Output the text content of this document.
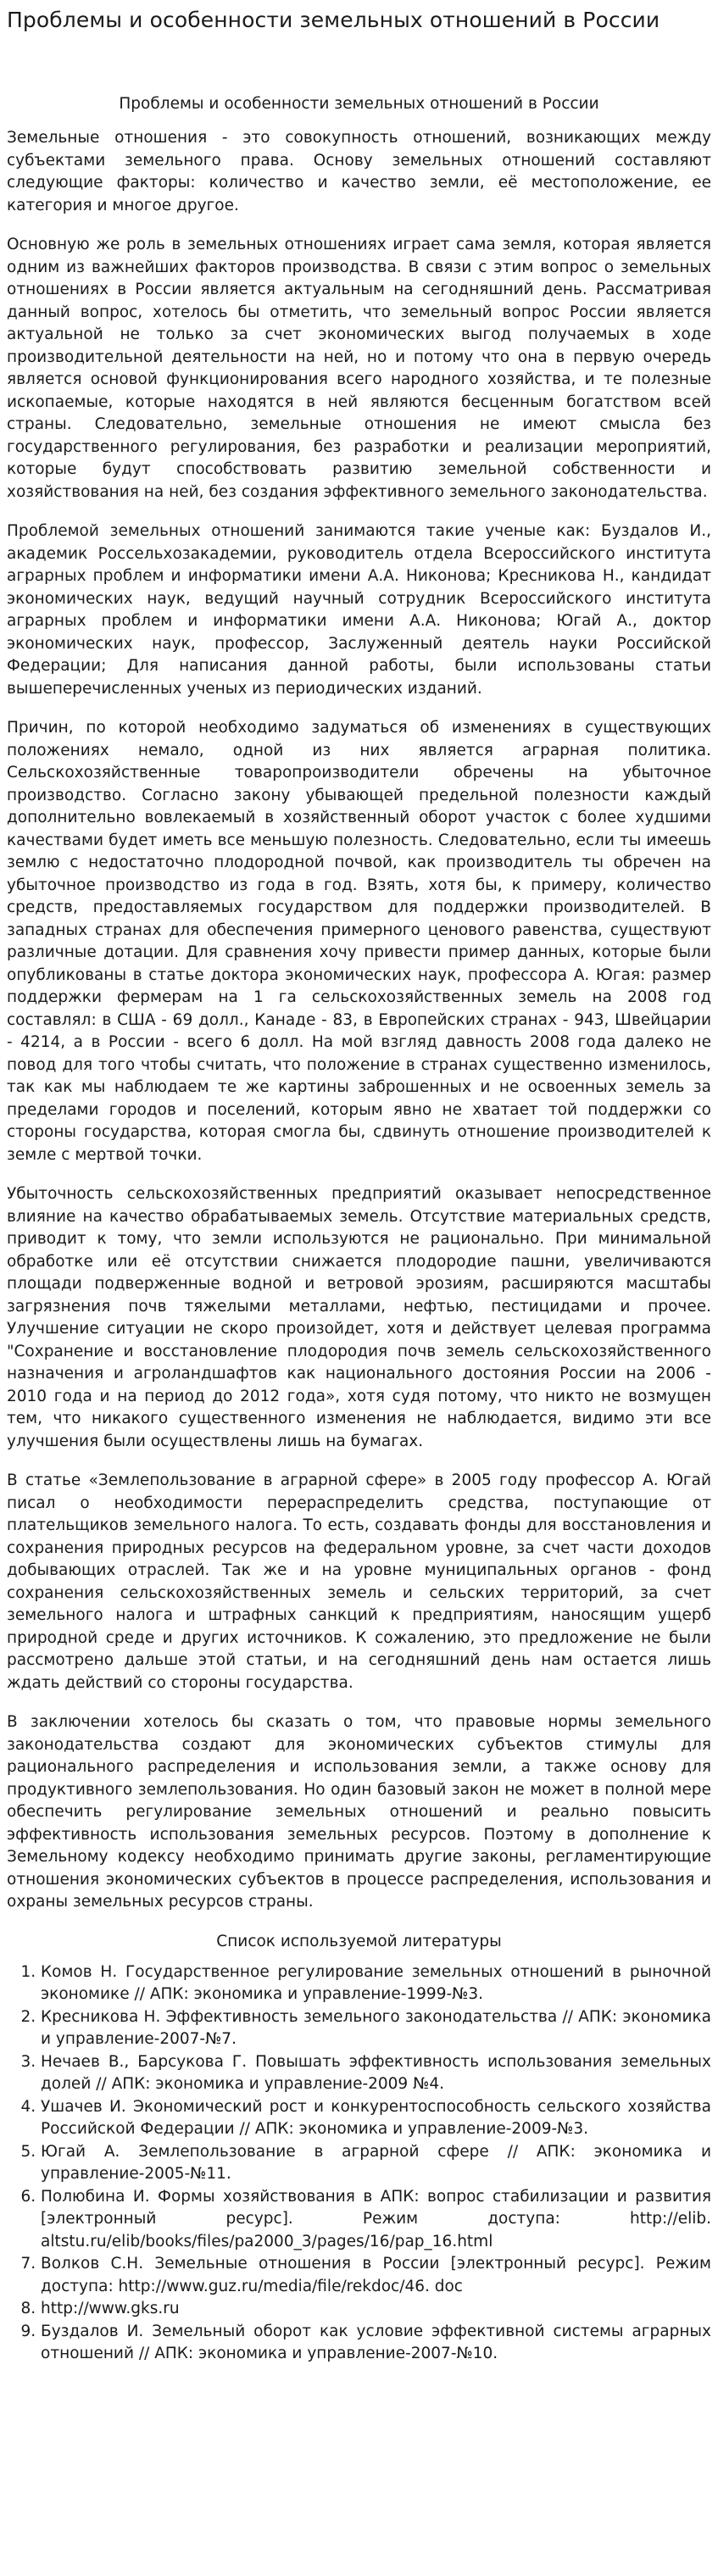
Проблемы и особенности земельных отношений в России
Проблемы и особенности земельных отношений в России

Земельные отношения - это совокупность отношений, возникающих между субъектами земельного права. Основу земельных отношений составляют следующие факторы: количество и качество земли, её местоположение, ее категория и многое другое.

Основную же роль в земельных отношениях играет сама земля, которая является одним из важнейших факторов производства. В связи с этим вопрос о земельных отношениях в России является актуальным на сегодняшний день. Рассматривая данный вопрос, хотелось бы отметить, что земельный вопрос России является актуальной не только за счет экономических выгод получаемых в ходе производительной деятельности на ней, но и потому что она в первую очередь является основой функционирования всего народного хозяйства, и те полезные ископаемые, которые находятся в ней являются бесценным богатством всей страны. Следовательно, земельные отношения не имеют смысла без государственного регулирования, без разработки и реализации мероприятий, которые будут способствовать развитию земельной собственности и хозяйствования на ней, без создания эффективного земельного законодательства.

Проблемой земельных отношений занимаются такие ученые как: Буздалов И., академик Россельхозакадемии, руководитель отдела Всероссийского института аграрных проблем и информатики имени А.А. Никонова; Кресникова Н., кандидат экономических наук, ведущий научный сотрудник Всероссийского института аграрных проблем и информатики имени А.А. Никонова; Югай А., доктор экономических наук, профессор, Заслуженный деятель науки Российской Федерации; Для написания данной работы, были использованы статьи вышеперечисленных ученых из периодических изданий.

Причин, по которой необходимо задуматься об изменениях в существующих положениях немало, одной из них является аграрная политика. Сельскохозяйственные товаропроизводители обречены на убыточное производство. Согласно закону убывающей предельной полезности каждый дополнительно вовлекаемый в хозяйственный оборот участок с более худшими качествами будет иметь все меньшую полезность. Следовательно, если ты имеешь землю с недостаточно плодородной почвой, как производитель ты обречен на убыточное производство из года в год. Взять, хотя бы, к примеру, количество средств, предоставляемых государством для поддержки производителей. В западных странах для обеспечения примерного ценового равенства, существуют различные дотации. Для сравнения хочу привести пример данных, которые были опубликованы в статье доктора экономических наук, профессора А. Югая: размер поддержки фермерам на 1 га сельскохозяйственных земель на 2008 год составлял: в США - 69 долл., Канаде - 83, в Европейских странах - 943, Швейцарии - 4214, а в России - всего 6 долл. На мой взгляд давность 2008 года далеко не повод для того чтобы считать, что положение в странах существенно изменилось, так как мы наблюдаем те же картины заброшенных и не освоенных земель за пределами городов и поселений, которым явно не хватает той поддержки со стороны государства, которая смогла бы, сдвинуть отношение производителей к земле с мертвой точки.

Убыточность сельскохозяйственных предприятий оказывает непосредственное влияние на качество обрабатываемых земель. Отсутствие материальных средств, приводит к тому, что земли используются не рационально. При минимальной обработке или её отсутствии снижается плодородие пашни, увеличиваются площади подверженные водной и ветровой эрозиям, расширяются масштабы загрязнения почв тяжелыми металлами, нефтью, пестицидами и прочее. Улучшение ситуации не скоро произойдет, хотя и действует целевая программа "Сохранение и восстановление плодородия почв земель сельскохозяйственного назначения и агроландшафтов как национального достояния России на 2006 - 2010 года и на период до 2012 года», хотя судя потому, что никто не возмущен тем, что никакого существенного изменения не наблюдается, видимо эти все улучшения были осуществлены лишь на бумагах.

В статье «Землепользование в аграрной сфере» в 2005 году профессор А. Югай писал о необходимости перераспределить средства, поступающие от плательщиков земельного налога. То есть, создавать фонды для восстановления и сохранения природных ресурсов на федеральном уровне, за счет части доходов добывающих отраслей. Так же и на уровне муниципальных органов - фонд сохранения сельскохозяйственных земель и сельских территорий, за счет земельного налога и штрафных санкций к предприятиям, наносящим ущерб природной среде и других источников. К сожалению, это предложение не были рассмотрено дальше этой статьи, и на сегодняшний день нам остается лишь ждать действий со стороны государства.

В заключении хотелось бы сказать о том, что правовые нормы земельного законодательства создают для экономических субъектов стимулы для рационального распределения и использования земли, а также основу для продуктивного землепользования. Но один базовый закон не может в полной мере обеспечить регулирование земельных отношений и реально повысить эффективность использования земельных ресурсов. Поэтому в дополнение к Земельному кодексу необходимо принимать другие законы, регламентирующие отношения экономических субъектов в процессе распределения, использования и охраны земельных ресурсов страны.

Список используемой литературы
1. Комов Н. Государственное регулирование земельных отношений в рыночной экономике // АПК: экономика и управление-1999-№3.
2. Кресникова Н. Эффективность земельного законодательства // АПК: экономика и управление-2007-№7.
3. Нечаев В., Барсукова Г. Повышать эффективность использования земельных долей // АПК: экономика и управление-2009 №4.
4. Ушачев И. Экономический рост и конкурентоспособность сельского хозяйства Российской Федерации // АПК: экономика и управление-2009-№3.
5. Югай А. Землепользование в аграрной сфере // АПК: экономика и управление-2005-№11.
6. Полюбина И. Формы хозяйствования в АПК: вопрос стабилизации и развития [электронный ресурс]. Режим доступа: http://elib. altstu.ru/elib/books/files/pa2000_3/pages/16/pap_16.html
7. Волков С.Н. Земельные отношения в России [электронный ресурс]. Режим доступа: http://www.guz.ru/media/file/rekdoc/46. doc
8. http://www.gks.ru
9. Буздалов И. Земельный оборот как условие эффективной системы аграрных отношений // АПК: экономика и управление-2007-№10.
